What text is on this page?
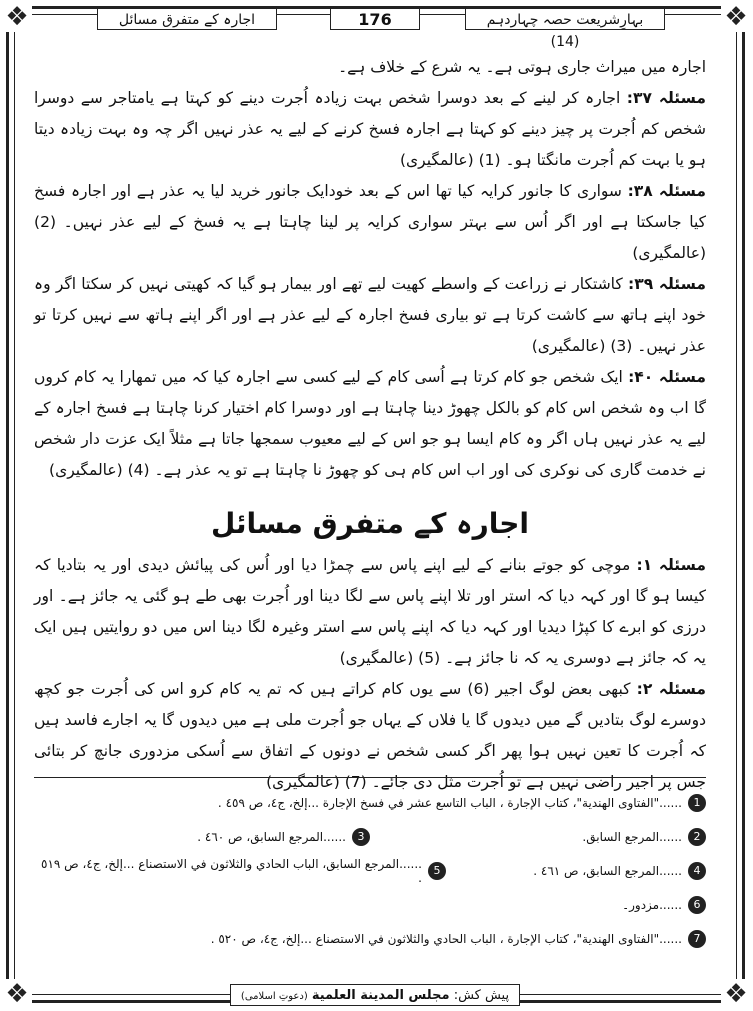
❖	❖
❖	❖
اجارہ کے متفرق مسائل	176	بہارِشریعت حصہ چہاردہم (14)

اجارہ میں میراث جاری ہوتی ہے۔ یہ شرع کے خلاف ہے۔

مسئلہ ۳۷: اجارہ کر لینے کے بعد دوسرا شخص بہت زیادہ اُجرت دینے کو کہتا ہے یامتاجر سے دوسرا شخص کم اُجرت پر چیز دینے کو کہتا ہے اجارہ فسخ کرنے کے لیے یہ عذر نہیں اگر چہ وہ بہت زیادہ دیتا ہو یا بہت کم اُجرت مانگتا ہو۔ (1) (عالمگیری)

مسئلہ ۳۸: سواری کا جانور کرایہ کیا تھا اس کے بعد خودایک جانور خرید لیا یہ عذر ہے اور اجارہ فسخ کیا جاسکتا ہے اور اگر اُس سے بہتر سواری کرایہ پر لینا چاہتا ہے یہ فسخ کے لیے عذر نہیں۔ (2) (عالمگیری)

مسئلہ ۳۹: کاشتکار نے زراعت کے واسطے کھیت لیے تھے اور بیمار ہو گیا کہ کھیتی نہیں کر سکتا اگر وہ خود اپنے ہاتھ سے کاشت کرتا ہے تو بیاری فسخ اجارہ کے لیے عذر ہے اور اگر اپنے ہاتھ سے نہیں کرتا تو عذر نہیں۔ (3) (عالمگیری)

مسئلہ ۴۰: ایک شخص جو کام کرتا ہے اُسی کام کے لیے کسی سے اجارہ کیا کہ میں تمھارا یہ کام کروں گا اب وہ شخص اس کام کو بالکل چھوڑ دینا چاہتا ہے اور دوسرا کام اختیار کرنا چاہتا ہے فسخ اجارہ کے لیے یہ عذر نہیں ہاں اگر وہ کام ایسا ہو جو اس کے لیے معیوب سمجھا جاتا ہے مثلاً ایک عزت دار شخص نے خدمت گاری کی نوکری کی اور اب اس کام ہی کو چھوڑ نا چاہتا ہے تو یہ عذر ہے۔ (4) (عالمگیری)

اجارہ کے متفرق مسائل

مسئلہ ۱: موچی کو جوتے بنانے کے لیے اپنے پاس سے چمڑا دیا اور اُس کی پیائش دیدی اور یہ بتادیا کہ کیسا ہو گا اور کہہ دیا کہ استر اور تلا اپنے پاس سے لگا دینا اور اُجرت بھی طے ہو گئی یہ جائز ہے۔ اور درزی کو ابرے کا کپڑا دیدیا اور کہہ دیا کہ اپنے پاس سے استر وغیرہ لگا دینا اس میں دو روایتیں ہیں ایک یہ کہ جائز ہے دوسری یہ کہ نا جائز ہے۔ (5) (عالمگیری)

مسئلہ ۲: کبھی بعض لوگ اجیر (6) سے یوں کام کراتے ہیں کہ تم یہ کام کرو اس کی اُجرت جو کچھ دوسرے لوگ بتادیں گے میں دیدوں گا یا فلاں کے یہاں جو اُجرت ملی ہے میں دیدوں گا یہ اجارے فاسد ہیں کہ اُجرت کا تعین نہیں ہوا پھر اگر کسی شخص نے دونوں کے اتفاق سے اُسکی مزدوری جانچ کر بتائی جس پر اجیر راضی نہیں ہے تو اُجرت مثل دی جائے۔ (7) (عالمگیری)

1
......"الفتاوى الهندية"، كتاب الإجارة ، الباب التاسع عشر في فسخ الإجارة ...إلخ، ج٤، ص ٤٥٩ .
2
......المرجع السابق.
3
......المرجع السابق، ص ٤٦٠ .
4
......المرجع السابق، ص ٤٦١ .
5
......المرجع السابق، الباب الحادي والثلاثون في الاستصناع ...إلخ، ج٤، ص ٥١٩ .
6
......مزدور۔
7
......"الفتاوى الهندية"، كتاب الإجارة ، الباب الحادي والثلاثون في الاستصناع ...إلخ، ج٤، ص ٥٢٠ .
پیش کش: مجلس المدينة العلمية (دعوتِ اسلامی)
